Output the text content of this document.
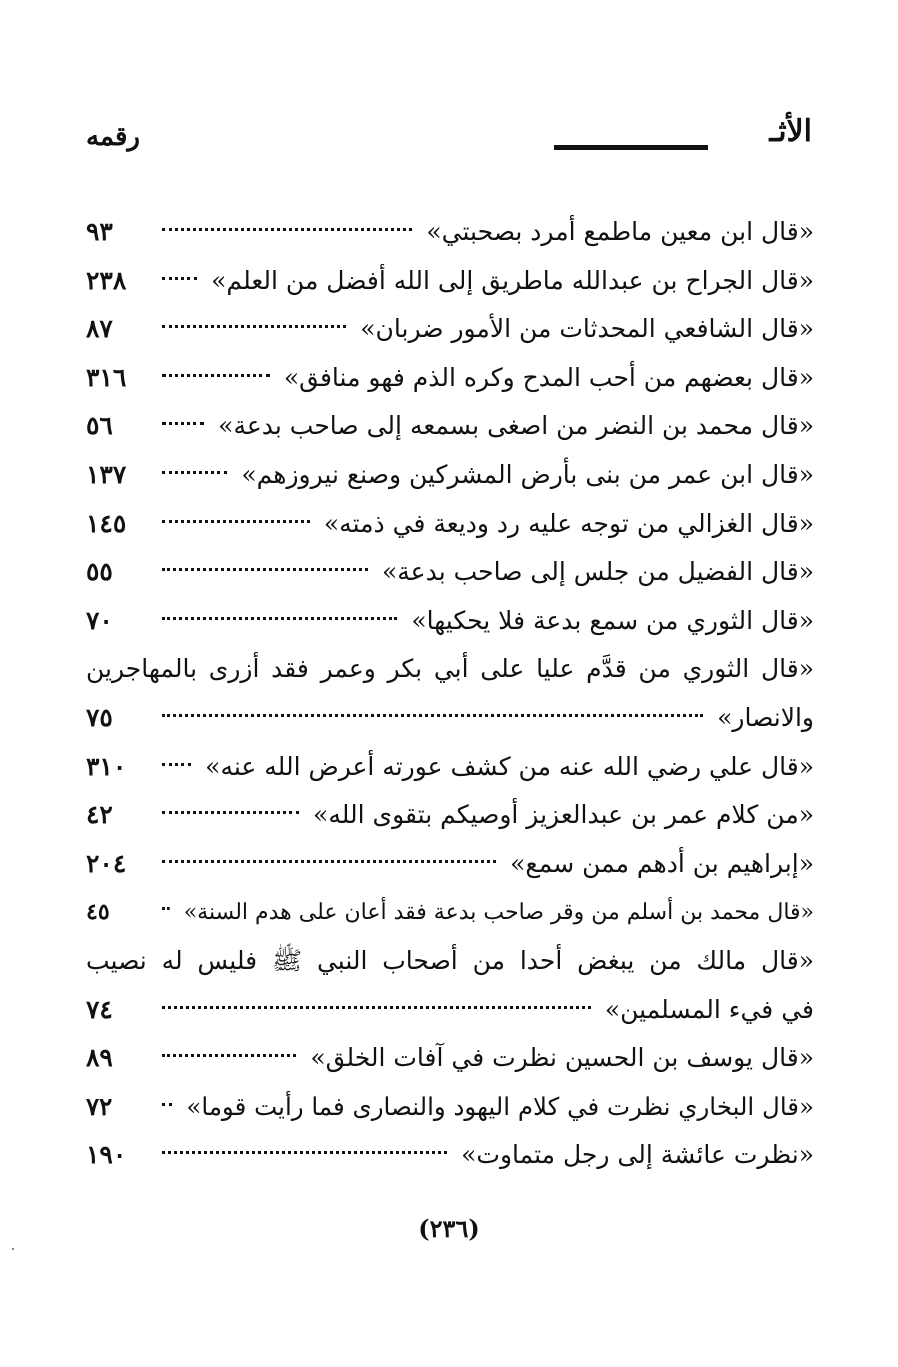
الأثـ
رقمه
«قال ابن معين ماطمع أمرد بصحبتي»
٩٣
«قال الجراح بن عبدالله ماطريق إلى الله أفضل من العلم»
٢٣٨
«قال الشافعي المحدثات من الأمور ضربان»
٨٧
«قال بعضهم من أحب المدح وكره الذم فهو منافق»
٣١٦
«قال محمد بن النضر من اصغى بسمعه إلى صاحب بدعة»
٥٦
«قال ابن عمر من بنى بأرض المشركين وصنع نيروزهم»
١٣٧
«قال الغزالي من توجه عليه رد وديعة في ذمته»
١٤٥
«قال الفضيل من جلس إلى صاحب بدعة»
٥٥
«قال الثوري من سمع بدعة فلا يحكيها»
٧٠
«قال الثوري من قدَّم عليا على أبي بكر وعمر فقد أزرى بالمهاجرين
والانصار»
٧٥
«قال علي رضي الله عنه من كشف عورته أعرض الله عنه»
٣١٠
«من كلام عمر بن عبدالعزيز أوصيكم بتقوى الله»
٤٢
«إبراهيم بن أدهم ممن سمع»
٢٠٤
«قال محمد بن أسلم من وقر صاحب بدعة فقد أعان على هدم السنة»
٤٥
«قال مالك من يبغض أحدا من أصحاب النبي ﷺ فليس له نصيب
في فيء المسلمين»
٧٤
«قال يوسف بن الحسين نظرت في آفات الخلق»
٨٩
«قال البخاري نظرت في كلام اليهود والنصارى فما رأيت قوما»
٧٢
«نظرت عائشة إلى رجل متماوت»
١٩٠
(٢٣٦)
